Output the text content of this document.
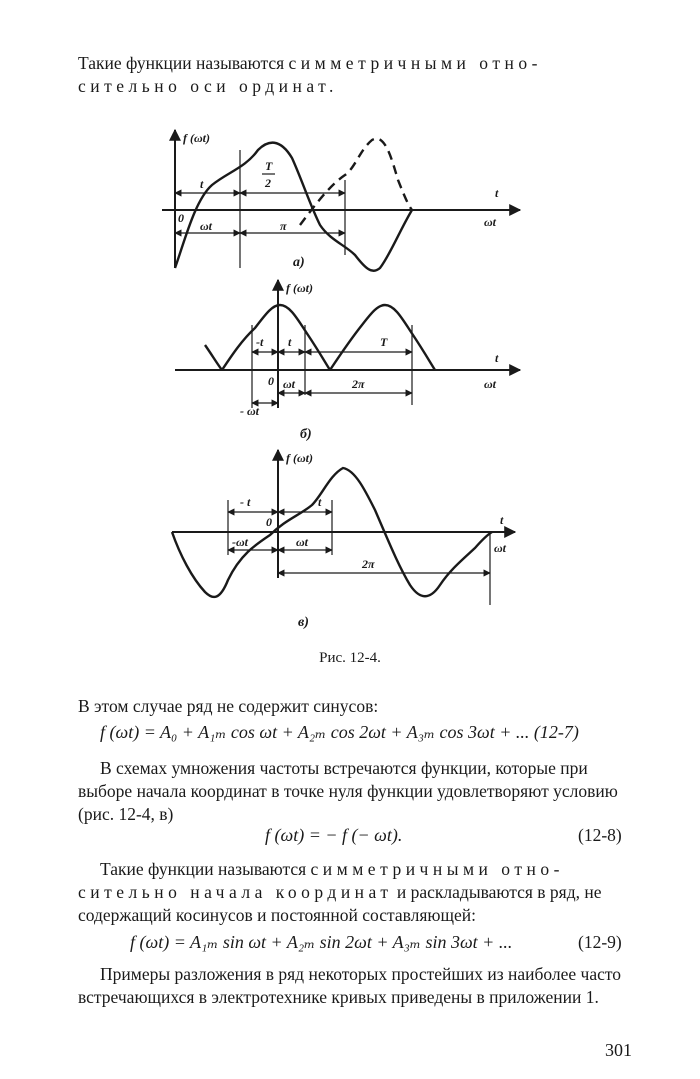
Такие функции называются симметричными отно-
сительно оси ординат.
f (ωt)
t
ωt
t
T
2
0
ωt	π
а)
f (ωt)
t
ωt
-t t	T
0 ωt	2π
- ωt
б)
f (ωt)
t
ωt
- t	t
0
-ωt	ωt
2π
в)
Рис. 12-4.
В этом случае ряд не содержит синусов:
f (ωt) = A₀ + A₁ₘ cos ωt + A₂ₘ cos 2ωt + A₃ₘ cos 3ωt + ... (12-7)
В схемах умножения частоты встречаются функции, которые при выборе начала координат в точке нуля функции удовлетворяют условию (рис. 12-4, в)
f (ωt) = − f (− ωt).	(12-8)
Такие функции называются симметричными отно- сительно начала координат и раскладываются в ряд, не содержащий косинусов и постоянной составляющей:
f (ωt) = A₁ₘ sin ωt + A₂ₘ sin 2ωt + A₃ₘ sin 3ωt + ...	(12-9)
Примеры разложения в ряд некоторых простейших из наиболее часто встречающихся в электротехнике кривых приведены в приложении 1.
301
